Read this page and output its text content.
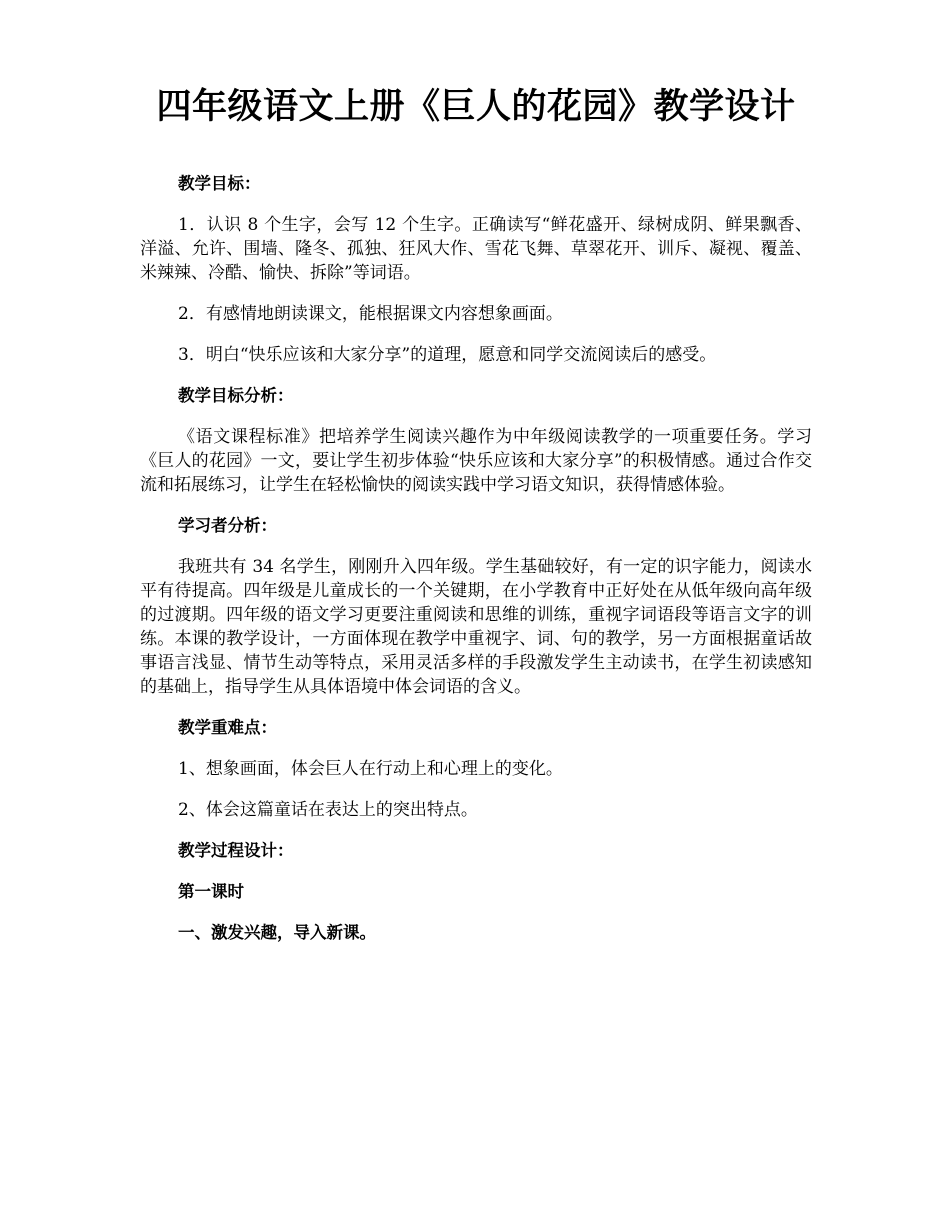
四年级语文上册《巨人的花园》教学设计

教学目标：

1．认识 8 个生字，会写 12 个生字。正确读写“鲜花盛开、绿树成阴、鲜果飘香、洋溢、允许、围墙、隆冬、孤独、狂风大作、雪花飞舞、草翠花开、训斥、凝视、覆盖、米辣辣、冷酷、愉快、拆除”等词语。

2．有感情地朗读课文，能根据课文内容想象画面。

3．明白“快乐应该和大家分享”的道理，愿意和同学交流阅读后的感受。

教学目标分析：

《语文课程标准》把培养学生阅读兴趣作为中年级阅读教学的一项重要任务。学习《巨人的花园》一文，要让学生初步体验“快乐应该和大家分享”的积极情感。通过合作交流和拓展练习，让学生在轻松愉快的阅读实践中学习语文知识，获得情感体验。

学习者分析：

我班共有 34 名学生，刚刚升入四年级。学生基础较好，有一定的识字能力，阅读水平有待提高。四年级是儿童成长的一个关键期，在小学教育中正好处在从低年级向高年级的过渡期。四年级的语文学习更要注重阅读和思维的训练，重视字词语段等语言文字的训练。本课的教学设计，一方面体现在教学中重视字、词、句的教学，另一方面根据童话故事语言浅显、情节生动等特点，采用灵活多样的手段激发学生主动读书，在学生初读感知的基础上，指导学生从具体语境中体会词语的含义。

教学重难点：

1、想象画面，体会巨人在行动上和心理上的变化。

2、体会这篇童话在表达上的突出特点。

教学过程设计：

第一课时

一、激发兴趣，导入新课。
